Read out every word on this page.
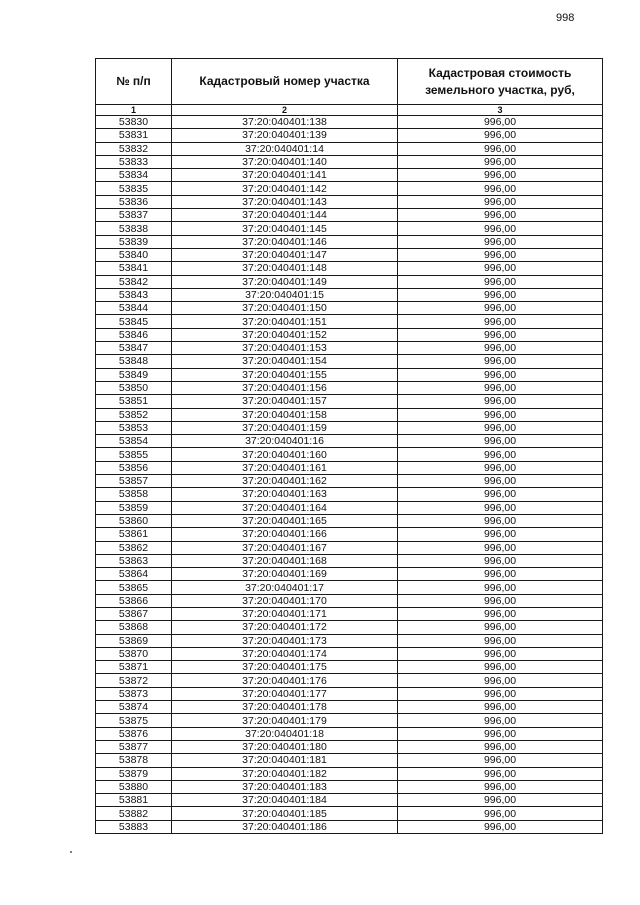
998
№ п/п	Кадастровый номер участка	Кадастровая стоимость земельного участка, руб,
1	2	3
53830	37:20:040401:138	996,00
53831	37:20:040401:139	996,00
53832	37:20:040401:14	996,00
53833	37:20:040401:140	996,00
53834	37:20:040401:141	996,00
53835	37:20:040401:142	996,00
53836	37:20:040401:143	996,00
53837	37:20:040401:144	996,00
53838	37:20:040401:145	996,00
53839	37:20:040401:146	996,00
53840	37:20:040401:147	996,00
53841	37:20:040401:148	996,00
53842	37:20:040401:149	996,00
53843	37:20:040401:15	996,00
53844	37:20:040401:150	996,00
53845	37:20:040401:151	996,00
53846	37:20:040401:152	996,00
53847	37:20:040401:153	996,00
53848	37:20:040401:154	996,00
53849	37:20:040401:155	996,00
53850	37:20:040401:156	996,00
53851	37:20:040401:157	996,00
53852	37:20:040401:158	996,00
53853	37:20:040401:159	996,00
53854	37:20:040401:16	996,00
53855	37:20:040401:160	996,00
53856	37:20:040401:161	996,00
53857	37:20:040401:162	996,00
53858	37:20:040401:163	996,00
53859	37:20:040401:164	996,00
53860	37:20:040401:165	996,00
53861	37:20:040401:166	996,00
53862	37:20:040401:167	996,00
53863	37:20:040401:168	996,00
53864	37:20:040401:169	996,00
53865	37:20:040401:17	996,00
53866	37:20:040401:170	996,00
53867	37:20:040401:171	996,00
53868	37:20:040401:172	996,00
53869	37:20:040401:173	996,00
53870	37:20:040401:174	996,00
53871	37:20:040401:175	996,00
53872	37:20:040401:176	996,00
53873	37:20:040401:177	996,00
53874	37:20:040401:178	996,00
53875	37:20:040401:179	996,00
53876	37:20:040401:18	996,00
53877	37:20:040401:180	996,00
53878	37:20:040401:181	996,00
53879	37:20:040401:182	996,00
53880	37:20:040401:183	996,00
53881	37:20:040401:184	996,00
53882	37:20:040401:185	996,00
53883	37:20:040401:186	996,00
